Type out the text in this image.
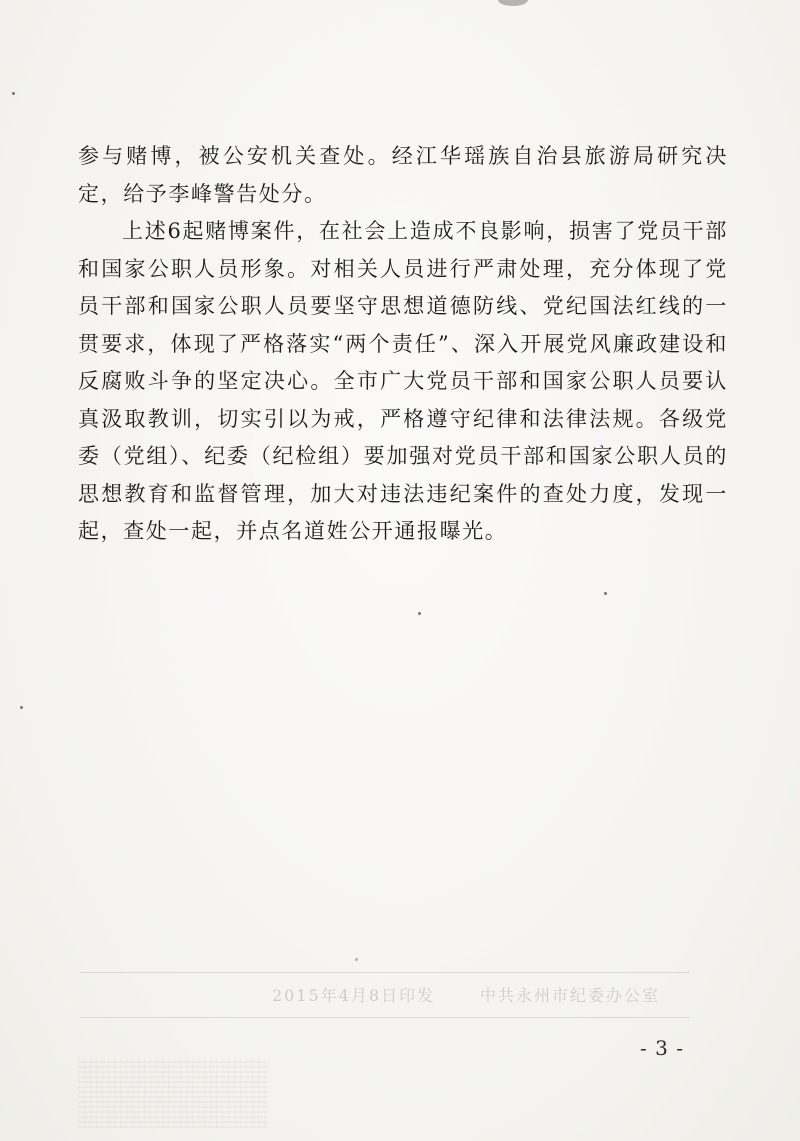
参与赌博，被公安机关查处。经江华瑶族自治县旅游局研究决定，给予李峰警告处分。

上述6起赌博案件，在社会上造成不良影响，损害了党员干部和国家公职人员形象。对相关人员进行严肃处理，充分体现了党员干部和国家公职人员要坚守思想道德防线、党纪国法红线的一贯要求，体现了严格落实“两个责任”、深入开展党风廉政建设和反腐败斗争的坚定决心。全市广大党员干部和国家公职人员要认真汲取教训，切实引以为戒，严格遵守纪律和法律法规。各级党委（党组）、纪委（纪检组）要加强对党员干部和国家公职人员的思想教育和监督管理，加大对违法违纪案件的查处力度，发现一起，查处一起，并点名道姓公开通报曝光。

2015年4月8日印发	中共永州市纪委办公室
- 3 -
